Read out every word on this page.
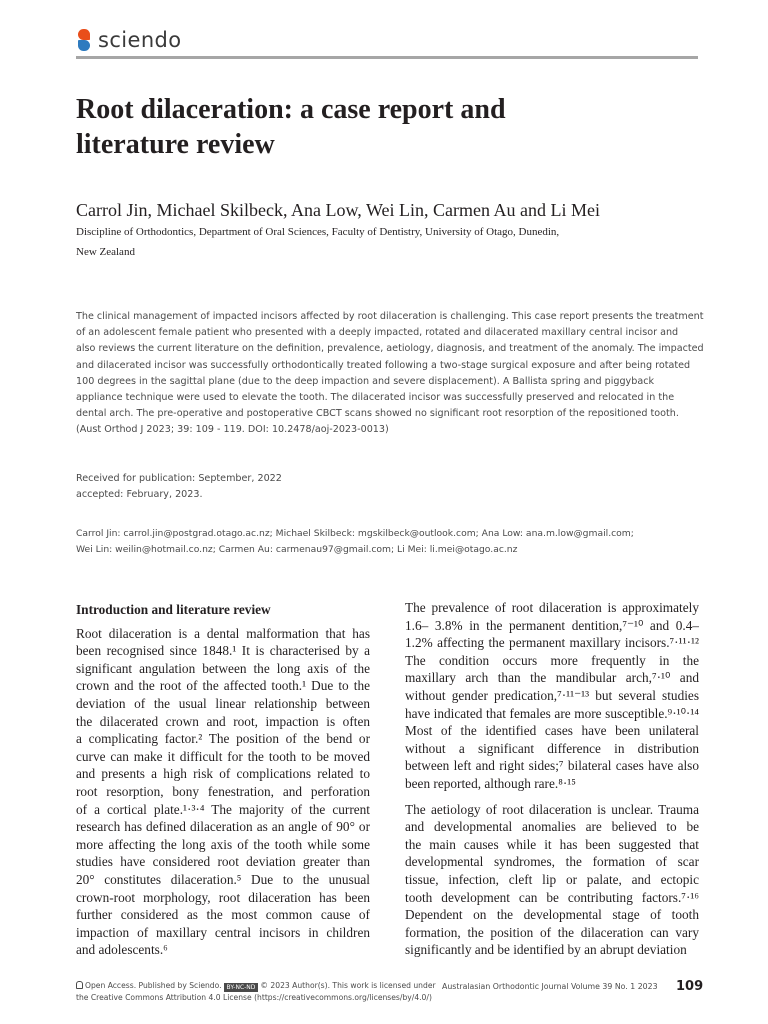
sciendo
Root dilaceration: a case report and
literature review
Carrol Jin, Michael Skilbeck, Ana Low, Wei Lin, Carmen Au and Li Mei
Discipline of Orthodontics, Department of Oral Sciences, Faculty of Dentistry, University of Otago, Dunedin,
New Zealand
The clinical management of impacted incisors affected by root dilaceration is challenging. This case report presents the treatment
of an adolescent female patient who presented with a deeply impacted, rotated and dilacerated maxillary central incisor and
also reviews the current literature on the definition, prevalence, aetiology, diagnosis, and treatment of the anomaly. The impacted
and dilacerated incisor was successfully orthodontically treated following a two-stage surgical exposure and after being rotated
100 degrees in the sagittal plane (due to the deep impaction and severe displacement). A Ballista spring and piggyback
appliance technique were used to elevate the tooth. The dilacerated incisor was successfully preserved and relocated in the
dental arch. The pre-operative and postoperative CBCT scans showed no significant root resorption of the repositioned tooth.
(Aust Orthod J 2023; 39: 109 - 119. DOI: 10.2478/aoj-2023-0013)
Received for publication: September, 2022
accepted: February, 2023.
Carrol Jin: carrol.jin@postgrad.otago.ac.nz; Michael Skilbeck: mgskilbeck@outlook.com; Ana Low: ana.m.low@gmail.com;
Wei Lin: weilin@hotmail.co.nz; Carmen Au: carmenau97@gmail.com; Li Mei: li.mei@otago.ac.nz
Introduction and literature review
Root dilaceration is a dental malformation that has
been recognised since 1848.¹ It is characterised by a
significant angulation between the long axis of the
crown and the root of the affected tooth.¹ Due to the
deviation of the usual linear relationship between
the dilacerated crown and root, impaction is often
a complicating factor.² The position of the bend or
curve can make it difficult for the tooth to be moved
and presents a high risk of complications related to
root resorption, bony fenestration, and perforation
of a cortical plate.¹·³·⁴ The majority of the current
research has defined dilaceration as an angle of 90° or
more affecting the long axis of the tooth while some
studies have considered root deviation greater than
20° constitutes dilaceration.⁵ Due to the unusual
crown-root morphology, root dilaceration has been
further considered as the most common cause of
impaction of maxillary central incisors in children
and adolescents.⁶
The prevalence of root dilaceration is approximately
1.6– 3.8% in the permanent dentition,⁷⁻¹⁰ and 0.4–
1.2% affecting the permanent maxillary incisors.⁷·¹¹·¹²
The condition occurs more frequently in the
maxillary arch than the mandibular arch,⁷·¹⁰ and
without gender predication,⁷·¹¹⁻¹³ but several studies
have indicated that females are more susceptible.⁹·¹⁰·¹⁴
Most of the identified cases have been unilateral
without a significant difference in distribution
between left and right sides;⁷ bilateral cases have also
been reported, although rare.⁸·¹⁵
The aetiology of root dilaceration is unclear. Trauma
and developmental anomalies are believed to be
the main causes while it has been suggested that
developmental syndromes, the formation of scar
tissue, infection, cleft lip or palate, and ectopic
tooth development can be contributing factors.⁷·¹⁶
Dependent on the developmental stage of tooth
formation, the position of the dilaceration can vary
significantly and be identified by an abrupt deviation
Open Access. Published by Sciendo. BY-NC-ND © 2023 Author(s). This work is licensed under
the Creative Commons Attribution 4.0 License (https://creativecommons.org/licenses/by/4.0/)
Australasian Orthodontic Journal Volume 39 No. 1 2023 109
